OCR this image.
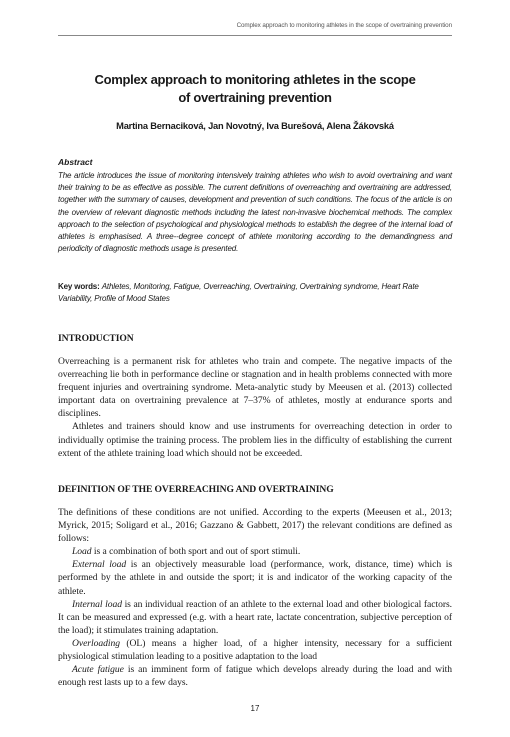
Complex approach to monitoring athletes in the scope of overtraining prevention
Complex approach to monitoring athletes in the scope
of overtraining prevention
Martina Bernaciková, Jan Novotný, Iva Burešová, Alena Žákovská
Abstract
The article introduces the issue of monitoring intensively training athletes who wish to avoid overtraining and want their training to be as effective as possible. The current definitions of overreaching and overtraining are addressed, together with the summary of causes, development and prevention of such conditions. The focus of the article is on the overview of relevant diagnostic methods including the latest non-invasive biochemical methods. The complex approach to the selection of psychological and physiological methods to establish the degree of the internal load of athletes is emphasised. A three--degree concept of athlete monitoring according to the demandingness and periodicity of diagnostic methods usage is presented.
Key words: Athletes, Monitoring, Fatigue, Overreaching, Overtraining, Overtraining syndrome, Heart Rate Variability, Profile of Mood States
INTRODUCTION

Overreaching is a permanent risk for athletes who train and compete. The negative impacts of the overreaching lie both in performance decline or stagnation and in health problems connected with more frequent injuries and overtraining syndrome. Meta-analytic study by Meeusen et al. (2013) collected important data on overtraining prevalence at 7–37% of athletes, mostly at endurance sports and disciplines.

Athletes and trainers should know and use instruments for overreaching detection in order to individually optimise the training process. The problem lies in the difficulty of establishing the current extent of the athlete training load which should not be exceeded.

DEFINITION OF THE OVERREACHING AND OVERTRAINING

The definitions of these conditions are not unified. According to the experts (Meeusen et al., 2013; Myrick, 2015; Soligard et al., 2016; Gazzano & Gabbett, 2017) the relevant conditions are defined as follows:

Load is a combination of both sport and out of sport stimuli.

External load is an objectively measurable load (performance, work, distance, time) which is performed by the athlete in and outside the sport; it is and indicator of the working capacity of the athlete.

Internal load is an individual reaction of an athlete to the external load and other biological factors. It can be measured and expressed (e.g. with a heart rate, lactate concentration, subjective perception of the load); it stimulates training adaptation.

Overloading (OL) means a higher load, of a higher intensity, necessary for a sufficient physiological stimulation leading to a positive adaptation to the load

Acute fatigue is an imminent form of fatigue which develops already during the load and with enough rest lasts up to a few days.

17
